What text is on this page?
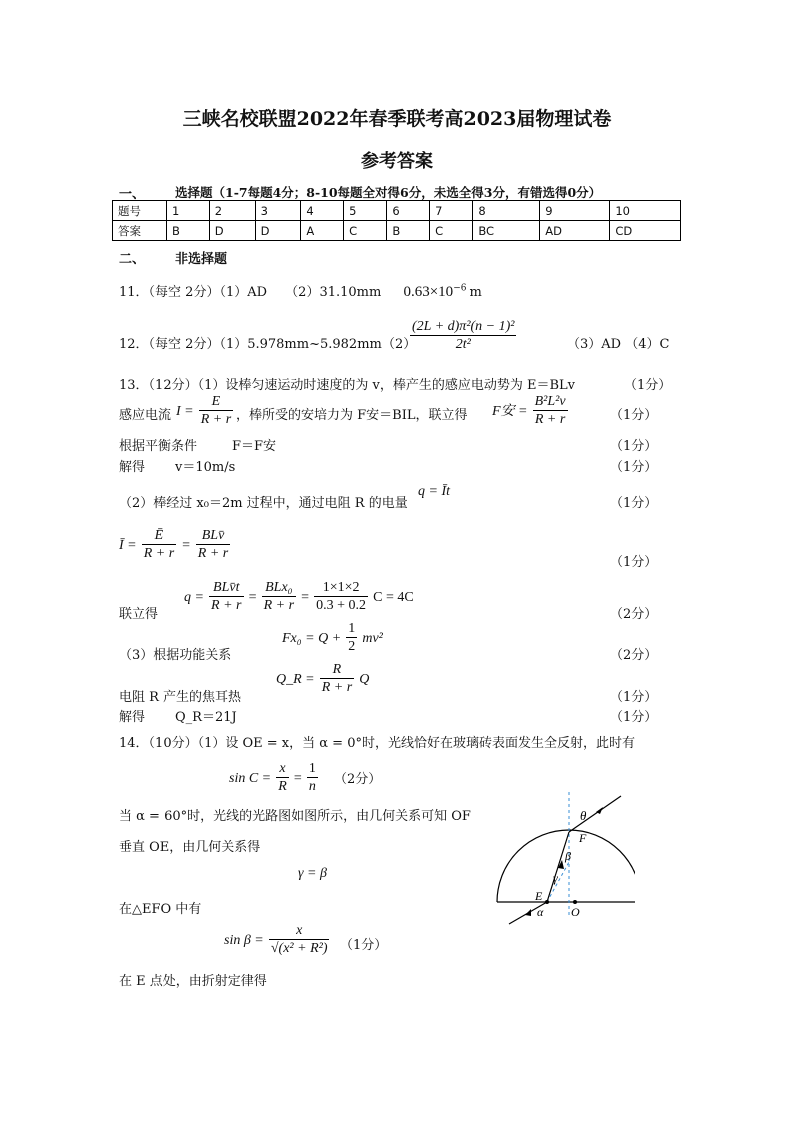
三峡名校联盟2022年春季联考高2023届物理试卷
参考答案
一、 选择题（1-7每题4分；8-10每题全对得6分，未选全得3分，有错选得0分）
题号	1	2	3	4	5	6	7	8	9	10
答案	B	D	D	A	C	B	C	BC	AD	CD
二、 非选择题
11．（每空 2分）（1）AD （2）31.10mm $0.63\times 10^{-6}$ m
12．（每空 2分）（1）5.978mm~5.982mm （2）
$\frac{\text{(2L + d)π²(n − 1)²}}{\text{2t²}}$	（3）AD （4）C
13．（12分）（1）设棒匀速运动时速度的为 v，棒产生的感应电动势为 E＝BLv	（1分）
感应电流 $I = \frac{E}{R + r}$ ，棒所受的安培力为 F安＝BIL，联立得 F安 = $\frac{\text{B²L²v}}{R + r}$	（1分）
根据平衡条件	F＝F安	（1分）
解得 v＝10m/s	（1分）
（2）棒经过 x₀＝2m 过程中，通过电阻 R 的电量
q = Īt
（1分）
Ī = $\frac{Ē}{R + r} = \frac{\text{BLv̄}}{R + r}$
（1分）
联立得
$q = \frac{\text{BLv̄t}}{R + r} = \frac{\text{BLx₀}}{R + r} = \frac{1\times 1\times 2}{0.3 + 0.2}$ C = 4C
（2分）
（3）根据功能关系
$Fx_0 = Q + \frac{1}{2} mv^2$
（2分）
电阻 R 产生的焦耳热
Q_R = $\frac{R}{R + r}$ Q
（1分）
解得 Q_R＝21J	（1分）
14．（10分）（1）设 OE = x，当 α = 0°时，光线恰好在玻璃砖表面发生全反射，此时有
$\sin C = \frac{x}{R} = \frac{1}{n} (2$分）
当 α = 60°时，光线的光路图如图所示，由几何关系可知 OF
垂直 OE，由几何关系得
γ = β
在△EFO 中有
$\sin \beta = \frac{x}{\text{√(x² + R²)}} (1$分）
在 E 点处，由折射定律得
θ
F
β
γ
E
α O
